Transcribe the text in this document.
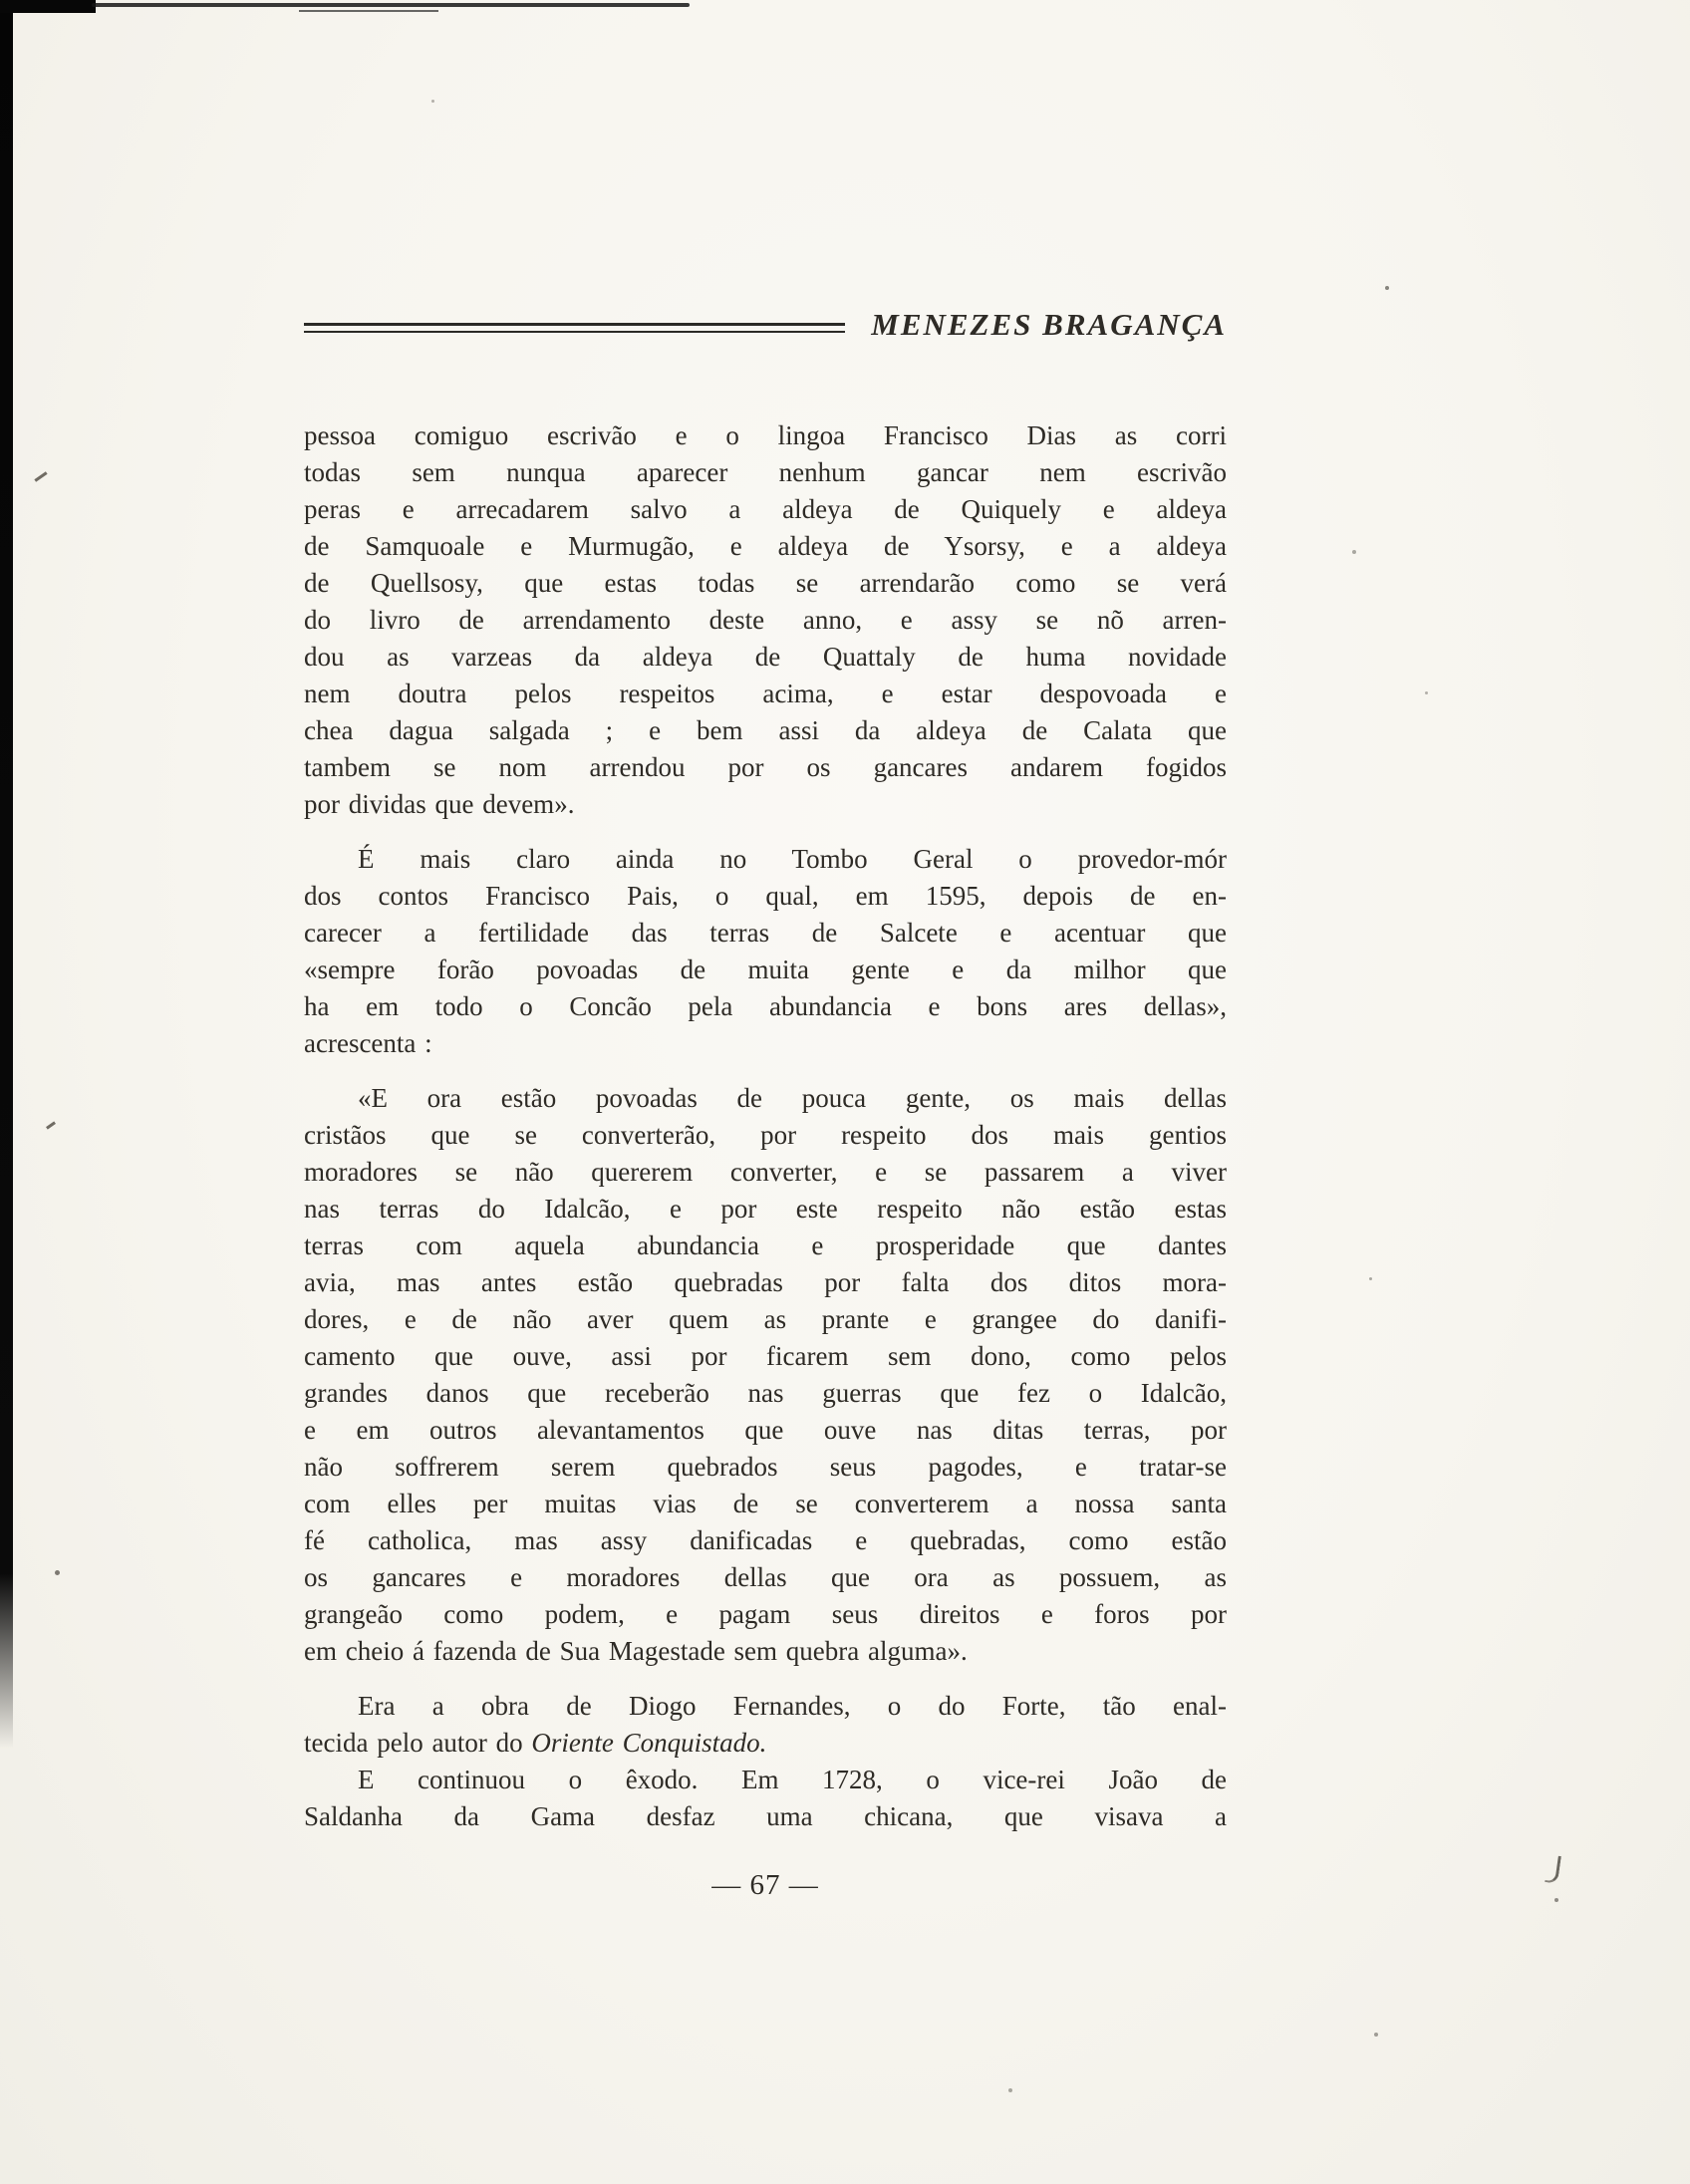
MENEZES BRAGANÇA
pessoa comiguo escrivão e o lingoa Francisco Dias as corri
todas sem nunqua aparecer nenhum gancar nem escrivão
peras e arrecadarem salvo a aldeya de Quiquely e aldeya
de Samquoale e Murmugão, e aldeya de Ysorsy, e a aldeya
de Quellsosy, que estas todas se arrendarão como se verá
do livro de arrendamento deste anno, e assy se nõ arren-
dou as varzeas da aldeya de Quattaly de huma novidade
nem doutra pelos respeitos acima, e estar despovoada e
chea dagua salgada ; e bem assi da aldeya de Calata que
tambem se nom arrendou por os gancares andarem fogidos
por dividas que devem».
É mais claro ainda no Tombo Geral o provedor-mór
dos contos Francisco Pais, o qual, em 1595, depois de en-
carecer a fertilidade das terras de Salcete e acentuar que
«sempre forão povoadas de muita gente e da milhor que
ha em todo o Concão pela abundancia e bons ares dellas»,
acrescenta :
«E ora estão povoadas de pouca gente, os mais dellas
cristãos que se converterão, por respeito dos mais gentios
moradores se não quererem converter, e se passarem a viver
nas terras do Idalcão, e por este respeito não estão estas
terras com aquela abundancia e prosperidade que dantes
avia, mas antes estão quebradas por falta dos ditos mora-
dores, e de não aver quem as prante e grangee do danifi-
camento que ouve, assi por ficarem sem dono, como pelos
grandes danos que receberão nas guerras que fez o Idalcão,
e em outros alevantamentos que ouve nas ditas terras, por
não soffrerem serem quebrados seus pagodes, e tratar-se
com elles per muitas vias de se converterem a nossa santa
fé catholica, mas assy danificadas e quebradas, como estão
os gancares e moradores dellas que ora as possuem, as
grangeão como podem, e pagam seus direitos e foros por
em cheio á fazenda de Sua Magestade sem quebra alguma».
Era a obra de Diogo Fernandes, o do Forte, tão enal-
tecida pelo autor do Oriente Conquistado.
E continuou o êxodo. Em 1728, o vice-rei João de
Saldanha da Gama desfaz uma chicana, que visava a
— 67 —
